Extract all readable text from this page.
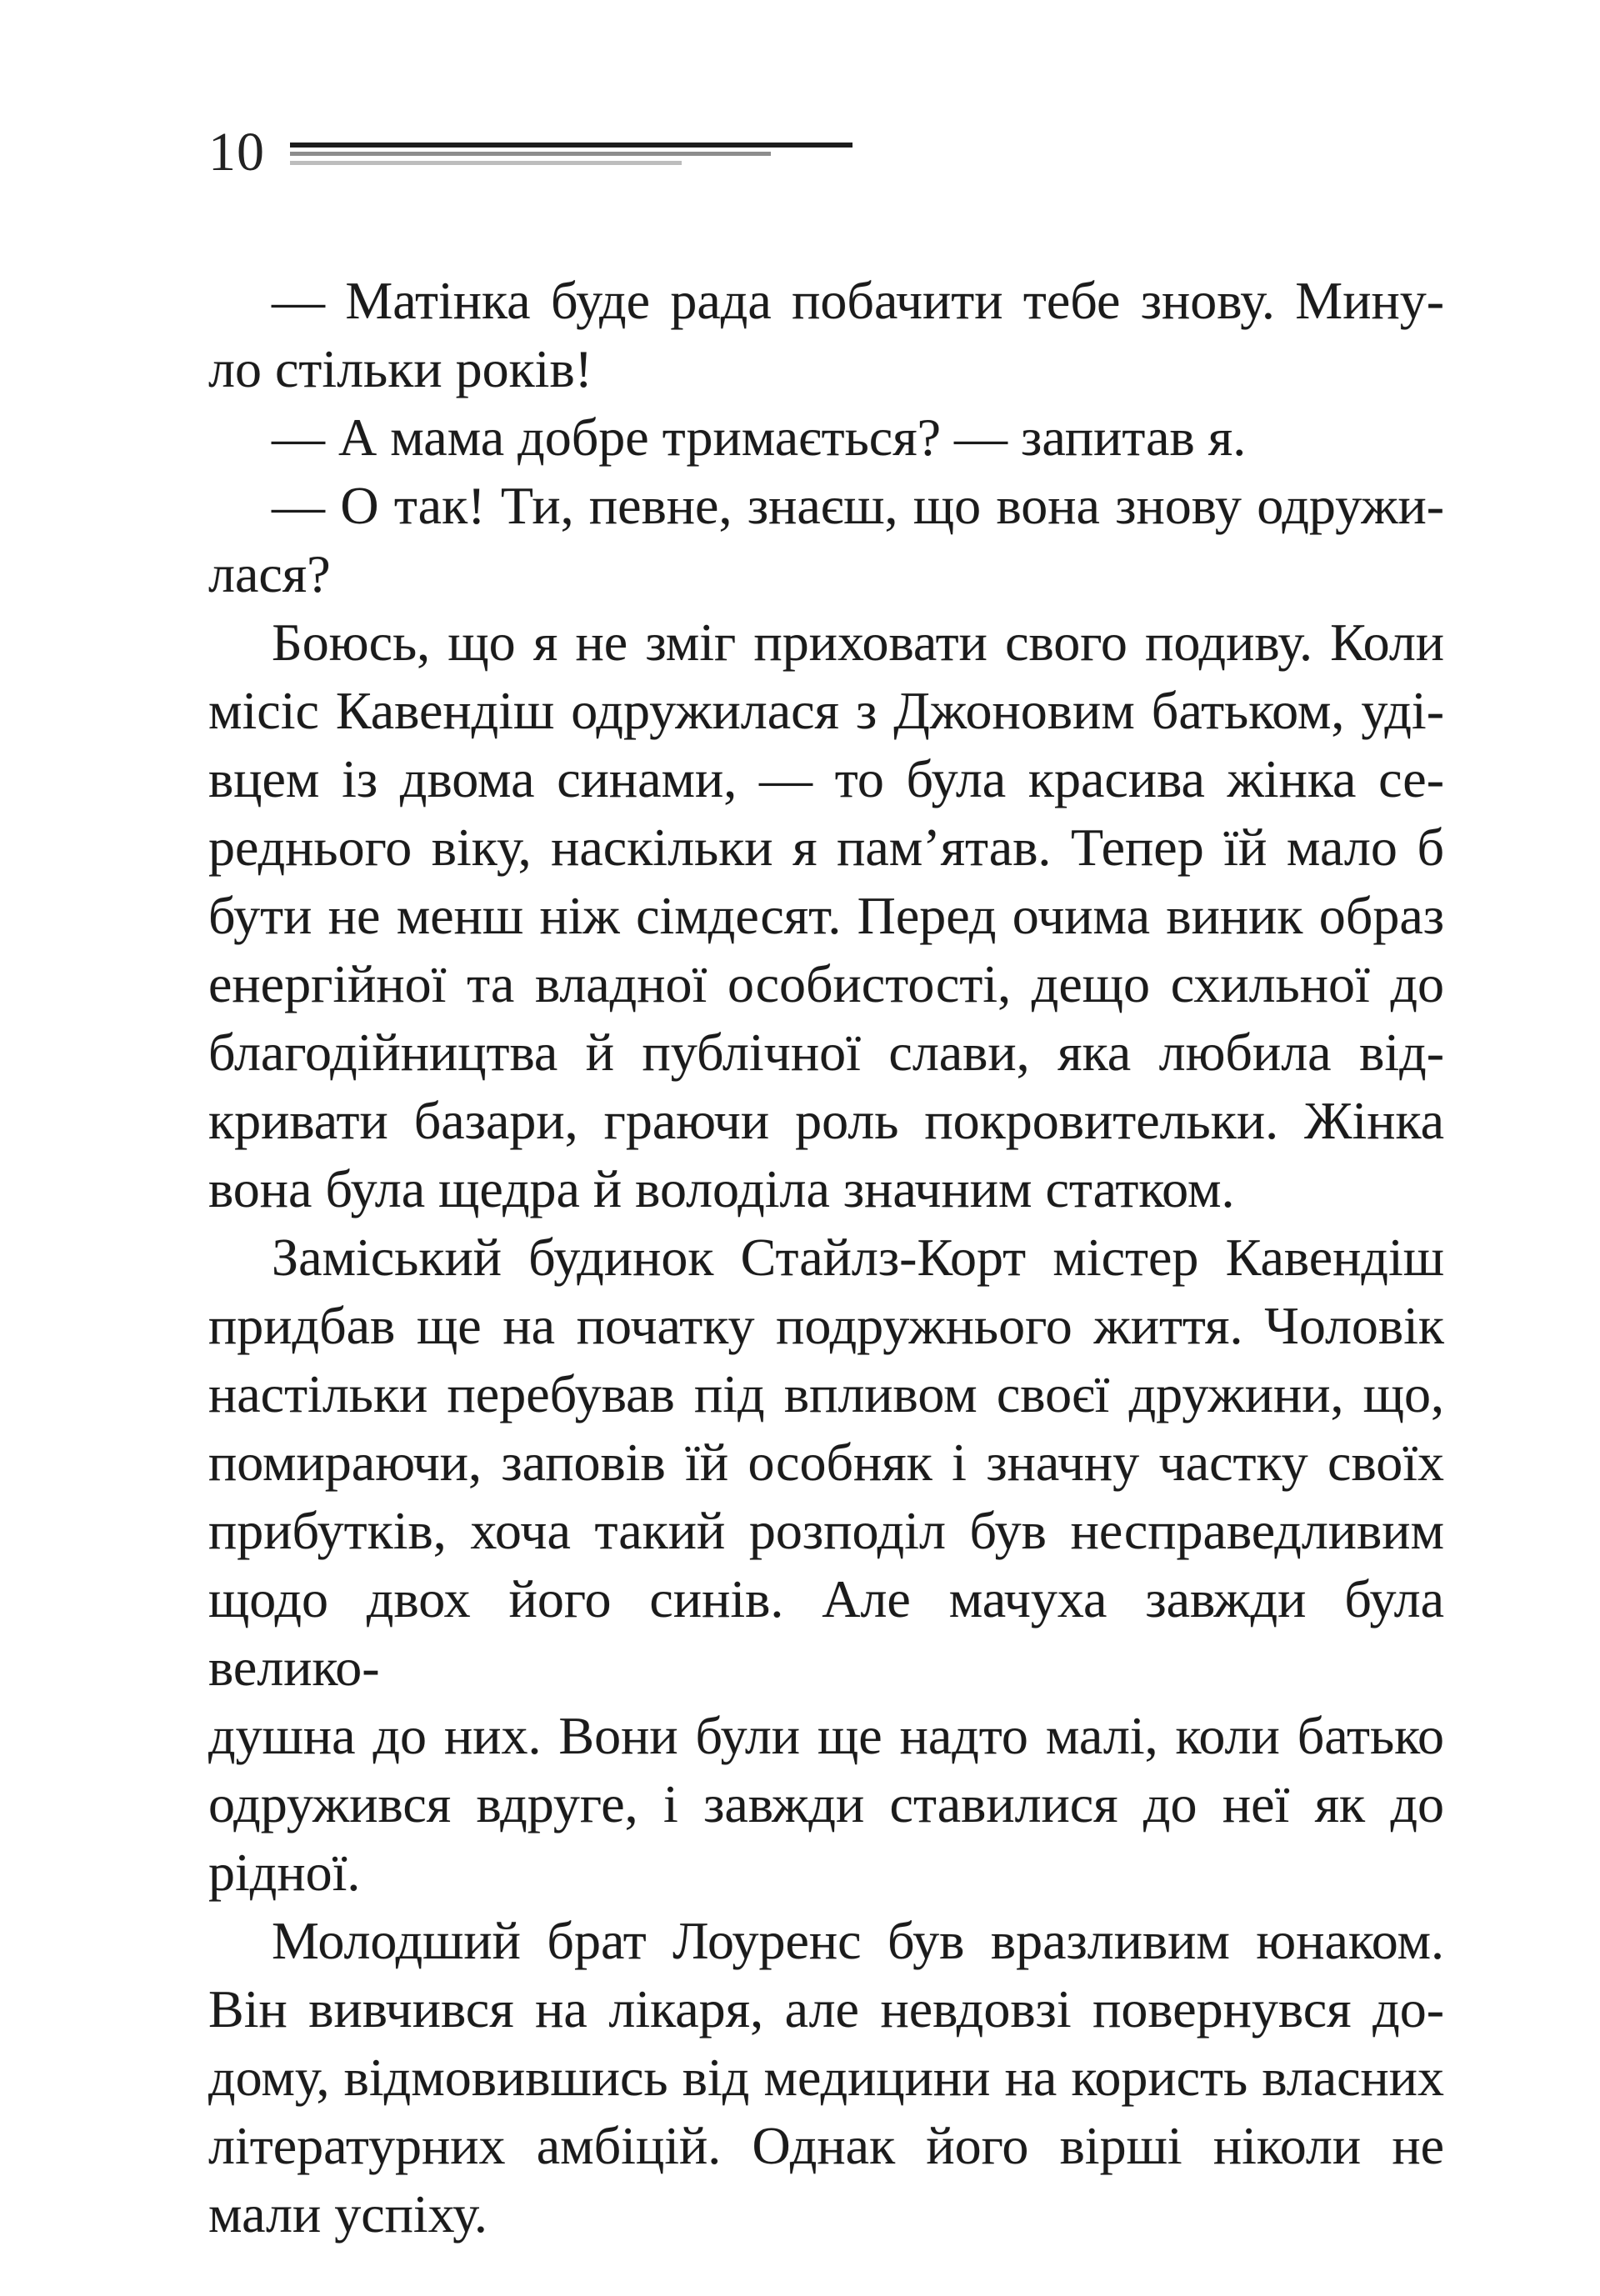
10
— Матінка буде рада побачити тебе знову. Мину-
ло стільки років!
— А мама добре тримається? — запитав я.
— О так! Ти, певне, знаєш, що вона знову одружи-
лася?
Боюсь, що я не зміг приховати свого подиву. Коли
місіс Кавендіш одружилася з Джоновим батьком, уді-
вцем із двома синами, — то була красива жінка се-
реднього віку, наскільки я пам’ятав. Тепер їй мало б
бути не менш ніж сімдесят. Перед очима виник образ
енергійної та владної особистості, дещо схильної до
благодійництва й публічної слави, яка любила від-
кривати базари, граючи роль покровительки. Жінка
вона була щедра й володіла значним статком.
Заміський будинок Стайлз-Корт містер Кавендіш
придбав ще на початку подружнього життя. Чоловік
настільки перебував під впливом своєї дружини, що,
помираючи, заповів їй особняк і значну частку своїх
прибутків, хоча такий розподіл був несправедливим
щодо двох його синів. Але мачуха завжди була велико-
душна до них. Вони були ще надто малі, коли батько
одружився вдруге, і завжди ставилися до неї як до рідної.
Молодший брат Лоуренс був вразливим юнаком.
Він вивчився на лікаря, але невдовзі повернувся до-
дому, відмовившись від медицини на користь власних
літературних амбіцій. Однак його вірші ніколи не
мали успіху.
